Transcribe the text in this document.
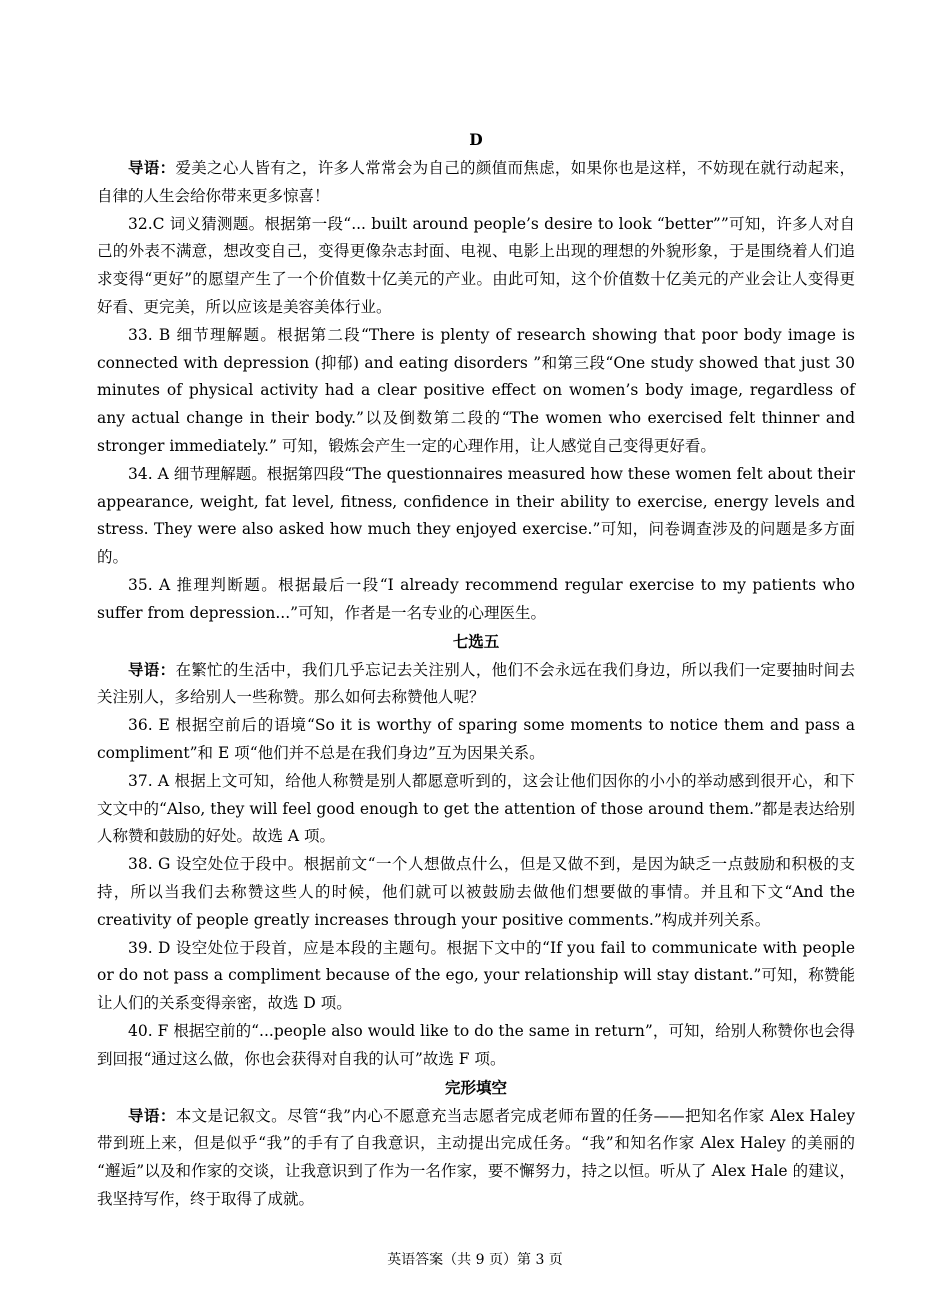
D

导语：爱美之心人皆有之，许多人常常会为自己的颜值而焦虑，如果你也是这样，不妨现在就行动起来，自律的人生会给你带来更多惊喜！

32.C 词义猜测题。根据第一段“... built around people’s desire to look “better””可知，许多人对自己的外表不满意，想改变自己，变得更像杂志封面、电视、电影上出现的理想的外貌形象，于是围绕着人们追求变得“更好”的愿望产生了一个价值数十亿美元的产业。由此可知，这个价值数十亿美元的产业会让人变得更好看、更完美，所以应该是美容美体行业。

33. B 细节理解题。根据第二段“There is plenty of research showing that poor body image is connected with depression (抑郁) and eating disorders ”和第三段“One study showed that just 30 minutes of physical activity had a clear positive effect on women’s body image, regardless of any actual change in their body.”以及倒数第二段的“The women who exercised felt thinner and stronger immediately.” 可知，锻炼会产生一定的心理作用，让人感觉自己变得更好看。

34. A 细节理解题。根据第四段“The questionnaires measured how these women felt about their appearance, weight, fat level, fitness, confidence in their ability to exercise, energy levels and stress. They were also asked how much they enjoyed exercise.”可知，问卷调查涉及的问题是多方面的。

35. A 推理判断题。根据最后一段“I already recommend regular exercise to my patients who suffer from depression...”可知，作者是一名专业的心理医生。

七选五

导语：在繁忙的生活中，我们几乎忘记去关注别人，他们不会永远在我们身边，所以我们一定要抽时间去关注别人，多给别人一些称赞。那么如何去称赞他人呢？

36. E 根据空前后的语境“So it is worthy of sparing some moments to notice them and pass a compliment”和 E 项“他们并不总是在我们身边”互为因果关系。

37. A 根据上文可知，给他人称赞是别人都愿意听到的，这会让他们因你的小小的举动感到很开心，和下文文中的“Also, they will feel good enough to get the attention of those around them.”都是表达给别人称赞和鼓励的好处。故选 A 项。

38. G 设空处位于段中。根据前文“一个人想做点什么，但是又做不到，是因为缺乏一点鼓励和积极的支持，所以当我们去称赞这些人的时候，他们就可以被鼓励去做他们想要做的事情。并且和下文“And the creativity of people greatly increases through your positive comments.”构成并列关系。

39. D 设空处位于段首，应是本段的主题句。根据下文中的“If you fail to communicate with people or do not pass a compliment because of the ego, your relationship will stay distant.”可知，称赞能让人们的关系变得亲密，故选 D 项。

40. F 根据空前的“...people also would like to do the same in return”，可知，给别人称赞你也会得到回报“通过这么做，你也会获得对自我的认可”故选 F 项。

完形填空

导语：本文是记叙文。尽管“我”内心不愿意充当志愿者完成老师布置的任务——把知名作家 Alex Haley 带到班上来，但是似乎“我”的手有了自我意识，主动提出完成任务。“我”和知名作家 Alex Haley 的美丽的 “邂逅”以及和作家的交谈，让我意识到了作为一名作家，要不懈努力，持之以恒。听从了 Alex Hale 的建议，我坚持写作，终于取得了成就。

英语答案（共 9 页）第 3 页
